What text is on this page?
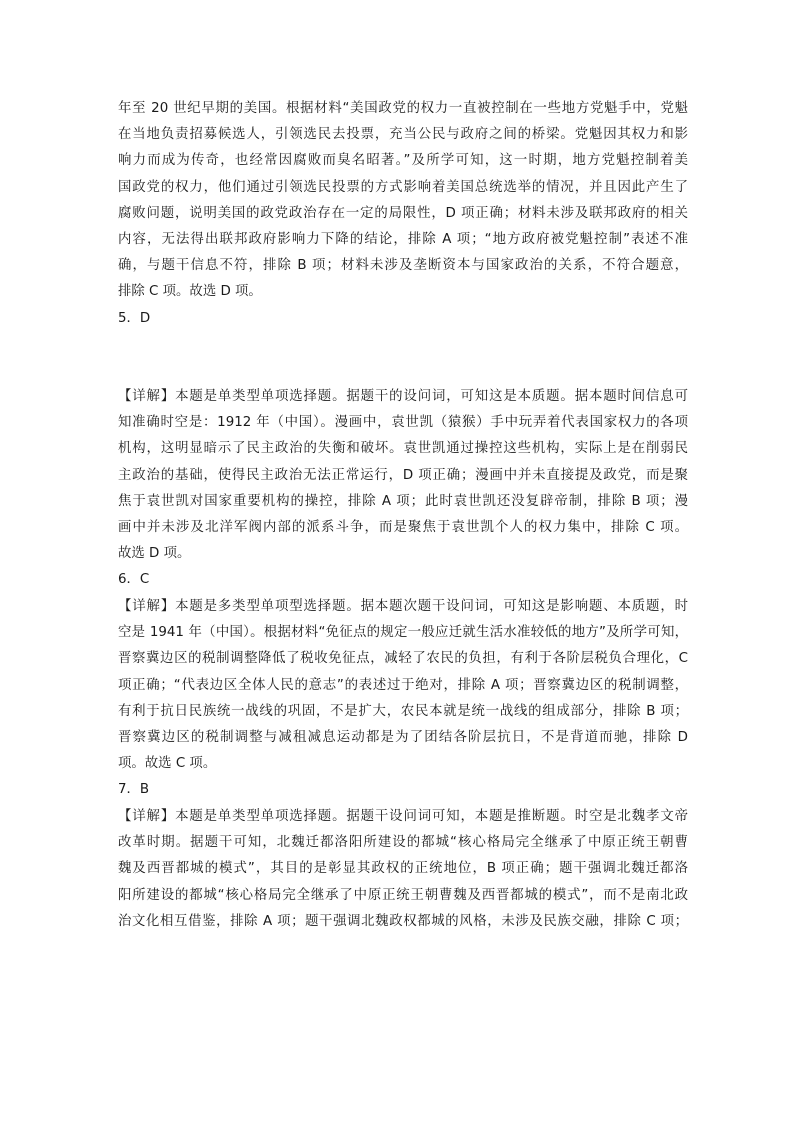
年至 20 世纪早期的美国。根据材料“美国政党的权力一直被控制在一些地方党魁手中，党魁
在当地负责招募候选人，引领选民去投票，充当公民与政府之间的桥梁。党魁因其权力和影
响力而成为传奇，也经常因腐败而臭名昭著。”及所学可知，这一时期，地方党魁控制着美
国政党的权力，他们通过引领选民投票的方式影响着美国总统选举的情况，并且因此产生了
腐败问题，说明美国的政党政治存在一定的局限性，D 项正确；材料未涉及联邦政府的相关
内容，无法得出联邦政府影响力下降的结论，排除 A 项；“地方政府被党魁控制”表述不准
确，与题干信息不符，排除 B 项；材料未涉及垄断资本与国家政治的关系，不符合题意，
排除 C 项。故选 D 项。
5．D
【详解】本题是单类型单项选择题。据题干的设问词，可知这是本质题。据本题时间信息可
知准确时空是：1912 年（中国）。漫画中，袁世凯（猿猴）手中玩弄着代表国家权力的各项
机构，这明显暗示了民主政治的失衡和破坏。袁世凯通过操控这些机构，实际上是在削弱民
主政治的基础，使得民主政治无法正常运行，D 项正确；漫画中并未直接提及政党，而是聚
焦于袁世凯对国家重要机构的操控，排除 A 项；此时袁世凯还没复辟帝制，排除 B 项；漫
画中并未涉及北洋军阀内部的派系斗争，而是聚焦于袁世凯个人的权力集中，排除 C 项。
故选 D 项。
6．C
【详解】本题是多类型单项型选择题。据本题次题干设问词，可知这是影响题、本质题，时
空是 1941 年（中国）。根据材料“免征点的规定一般应迁就生活水准较低的地方”及所学可知，
晋察冀边区的税制调整降低了税收免征点，减轻了农民的负担，有利于各阶层税负合理化，C
项正确；“代表边区全体人民的意志”的表述过于绝对，排除 A 项；晋察冀边区的税制调整，
有利于抗日民族统一战线的巩固，不是扩大，农民本就是统一战线的组成部分，排除 B 项；
晋察冀边区的税制调整与减租减息运动都是为了团结各阶层抗日，不是背道而驰，排除 D
项。故选 C 项。
7．B
【详解】本题是单类型单项选择题。据题干设问词可知，本题是推断题。时空是北魏孝文帝
改革时期。据题干可知，北魏迁都洛阳所建设的都城“核心格局完全继承了中原正统王朝曹
魏及西晋都城的模式”，其目的是彰显其政权的正统地位，B 项正确；题干强调北魏迁都洛
阳所建设的都城“核心格局完全继承了中原正统王朝曹魏及西晋都城的模式”，而不是南北政
治文化相互借鉴，排除 A 项；题干强调北魏政权都城的风格，未涉及民族交融，排除 C 项；
